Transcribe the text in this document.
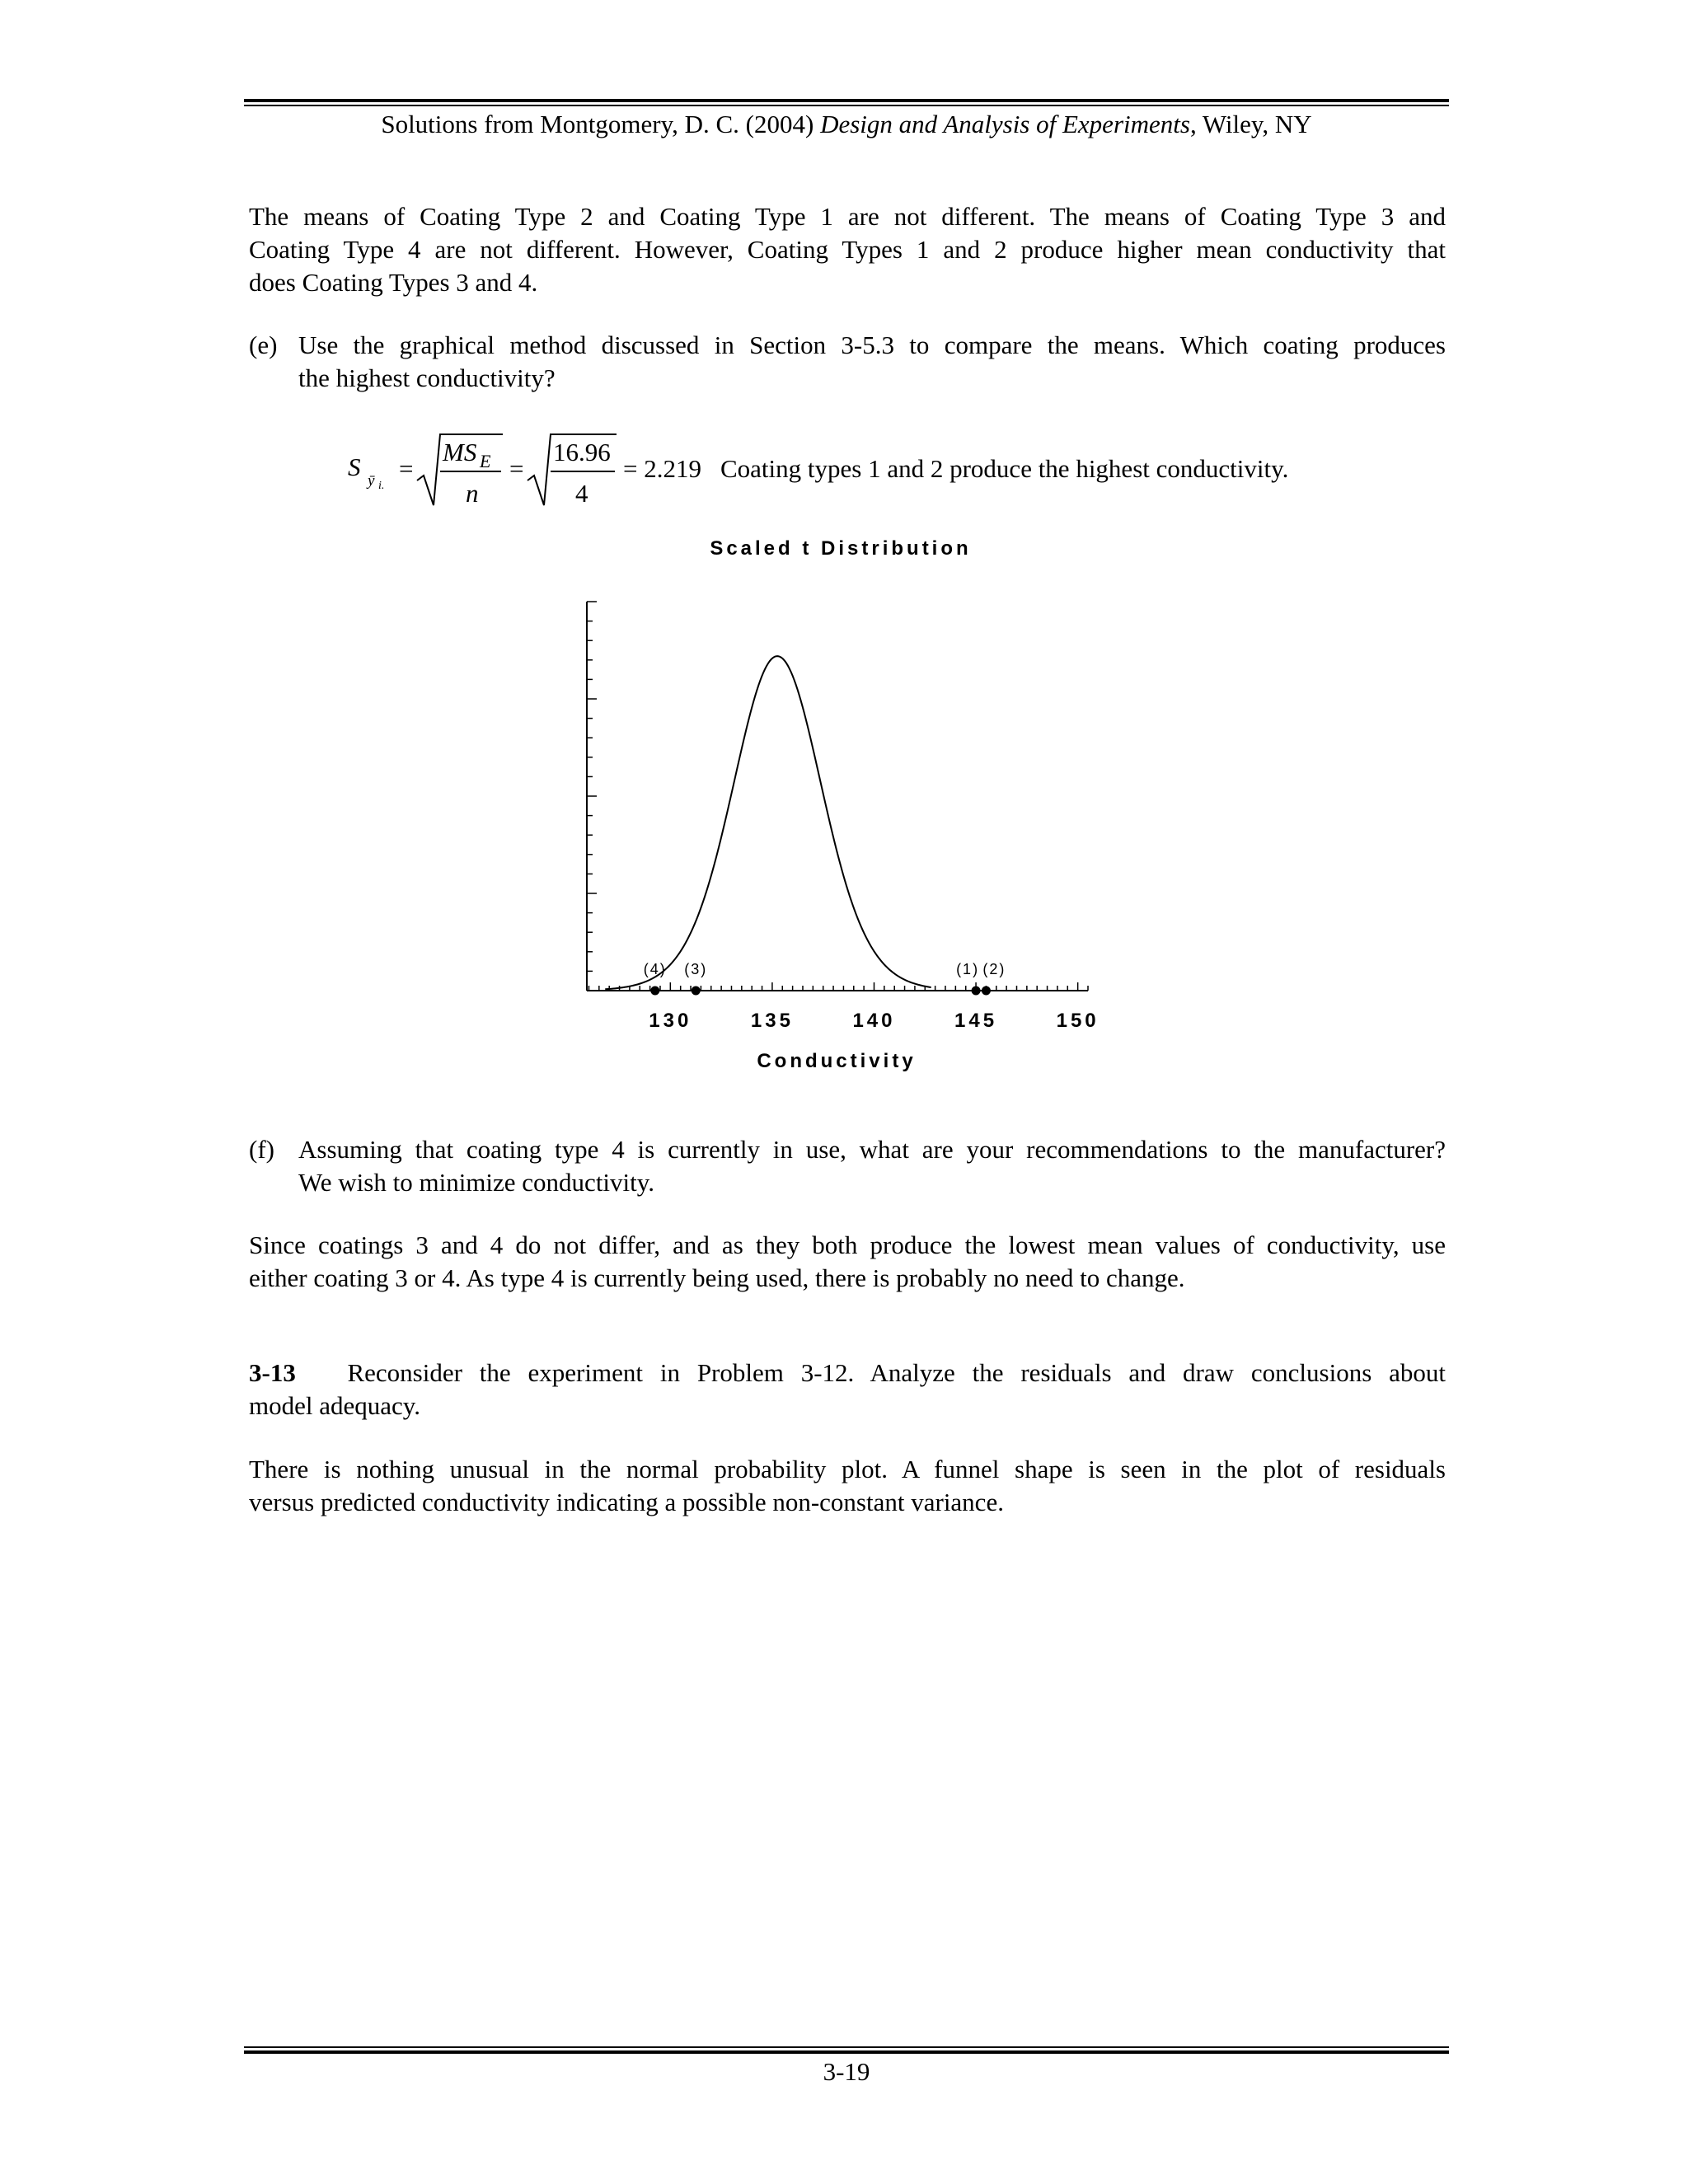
Solutions from Montgomery, D. C. (2004) Design and Analysis of Experiments, Wiley, NY
The means of Coating Type 2 and Coating Type 1 are not different. The means of Coating Type 3 and
Coating Type 4 are not different. However, Coating Types 1 and 2 produce higher mean conductivity that
does Coating Types 3 and 4.
(e) Use the graphical method discussed in Section 3-5.3 to compare the means. Which coating produces
the highest conductivity?
S ȳ i.
=
MS E
n
=
16.96
4
= 2.219 Coating types 1 and 2 produce the highest conductivity.
Scaled t Distribution
(4) (3)	(1) (2)
130	135	140	145	150
Conductivity
(f) Assuming that coating type 4 is currently in use, what are your recommendations to the manufacturer?
We wish to minimize conductivity.
Since coatings 3 and 4 do not differ, and as they both produce the lowest mean values of conductivity, use
either coating 3 or 4. As type 4 is currently being used, there is probably no need to change.
3-13 Reconsider the experiment in Problem 3-12. Analyze the residuals and draw conclusions about
model adequacy.
There is nothing unusual in the normal probability plot. A funnel shape is seen in the plot of residuals
versus predicted conductivity indicating a possible non-constant variance.
3-19
